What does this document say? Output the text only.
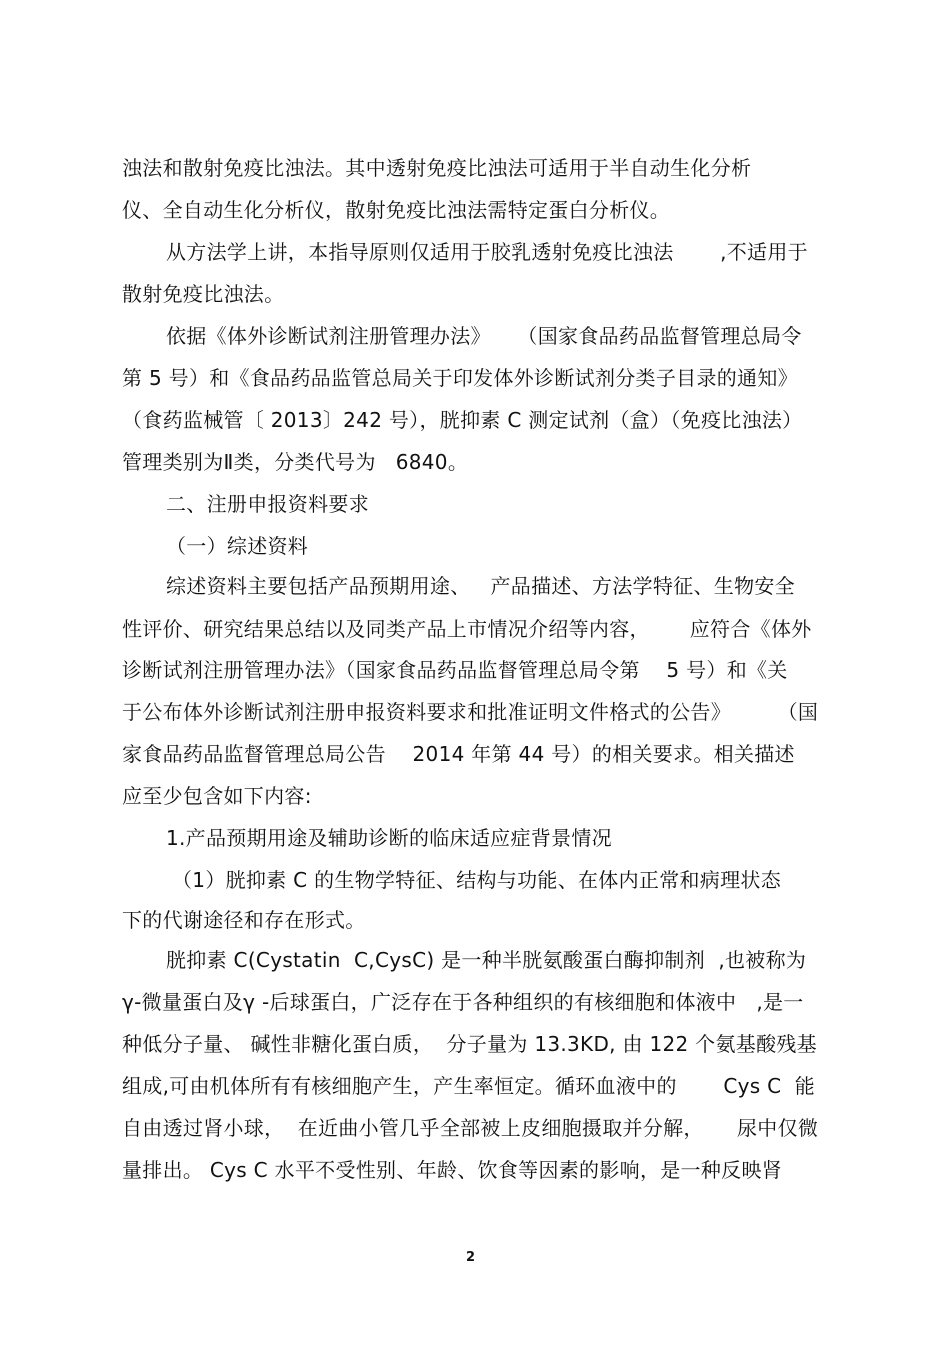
浊法和散射免疫比浊法。其中透射免疫比浊法可适用于半自动生化分析
仪、全自动生化分析仪，散射免疫比浊法需特定蛋白分析仪。
从方法学上讲，本指导原则仅适用于胶乳透射免疫比浊法       ,不适用于
散射免疫比浊法。
依据《体外诊断试剂注册管理办法》    （国家食品药品监督管理总局令
第 5 号）和《食品药品监管总局关于印发体外诊断试剂分类子目录的通知》
（食药监械管〔 2013〕242 号），胱抑素 C 测定试剂（盒）（免疫比浊法）
管理类别为Ⅱ类，分类代号为   6840。
二、注册申报资料要求
（一）综述资料
综述资料主要包括产品预期用途、   产品描述、方法学特征、生物安全
性评价、研究结果总结以及同类产品上市情况介绍等内容，      应符合《体外
诊断试剂注册管理办法》（国家食品药品监督管理总局令第    5 号）和《关
于公布体外诊断试剂注册申报资料要求和批准证明文件格式的公告》       （国
家食品药品监督管理总局公告    2014 年第 44 号）的相关要求。相关描述
应至少包含如下内容:
1.产品预期用途及辅助诊断的临床适应症背景情况
（1）胱抑素 C 的生物学特征、结构与功能、在体内正常和病理状态
下的代谢途径和存在形式。
胱抑素 C(Cystatin  C,CysC) 是一种半胱氨酸蛋白酶抑制剂  ,也被称为
γ-微量蛋白及γ -后球蛋白，广泛存在于各种组织的有核细胞和体液中   ,是一
种低分子量、 碱性非糖化蛋白质，  分子量为 13.3KD, 由 122 个氨基酸残基
组成,可由机体所有有核细胞产生，产生率恒定。循环血液中的       Cys C  能
自由透过肾小球，  在近曲小管几乎全部被上皮细胞摄取并分解，     尿中仅微
量排出。 Cys C 水平不受性别、年龄、饮食等因素的影响，是一种反映肾
2
